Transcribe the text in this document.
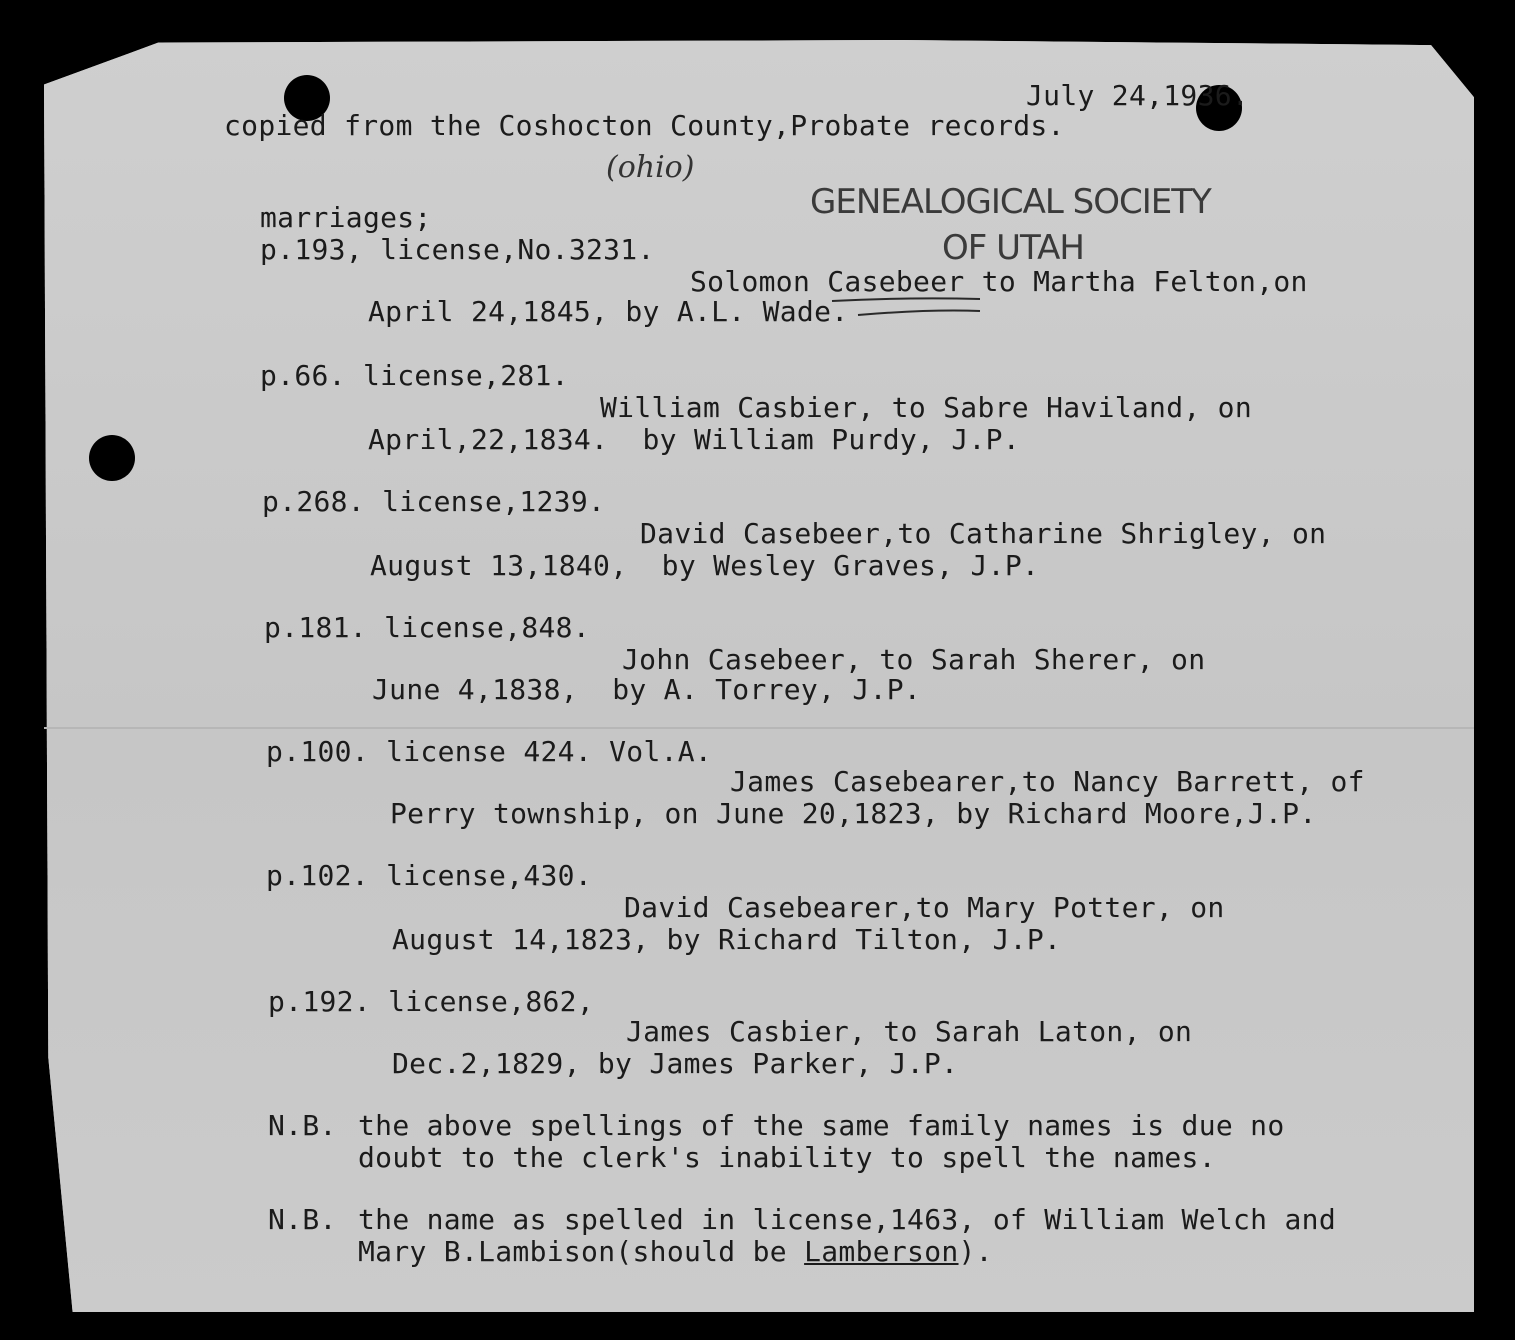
July 24,1936.
copied from the Coshocton County,Probate records.
(ohio)
GENEALOGICAL SOCIETY
OF UTAH
marriages;
p.193, license,No.3231.
Solomon Casebeer to Martha Felton,on
April 24,1845, by A.L. Wade.
p.66. license,281.
William Casbier, to Sabre Haviland, on
April,22,1834.  by William Purdy, J.P.
p.268. license,1239.
David Casebeer,to Catharine Shrigley, on
August 13,1840,  by Wesley Graves, J.P.
p.181. license,848.
John Casebeer, to Sarah Sherer, on
June 4,1838,  by A. Torrey, J.P.
p.100. license 424. Vol.A.
James Casebearer,to Nancy Barrett, of
Perry township, on June 20,1823, by Richard Moore,J.P.
p.102. license,430.
David Casebearer,to Mary Potter, on
August 14,1823, by Richard Tilton, J.P.
p.192. license,862,
James Casbier, to Sarah Laton, on
Dec.2,1829, by James Parker, J.P.
N.B. the above spellings of the same family names is due no
doubt to the clerk's inability to spell the names.
N.B. the name as spelled in license,1463, of William Welch and
Mary B.Lambison(should be Lamberson).
